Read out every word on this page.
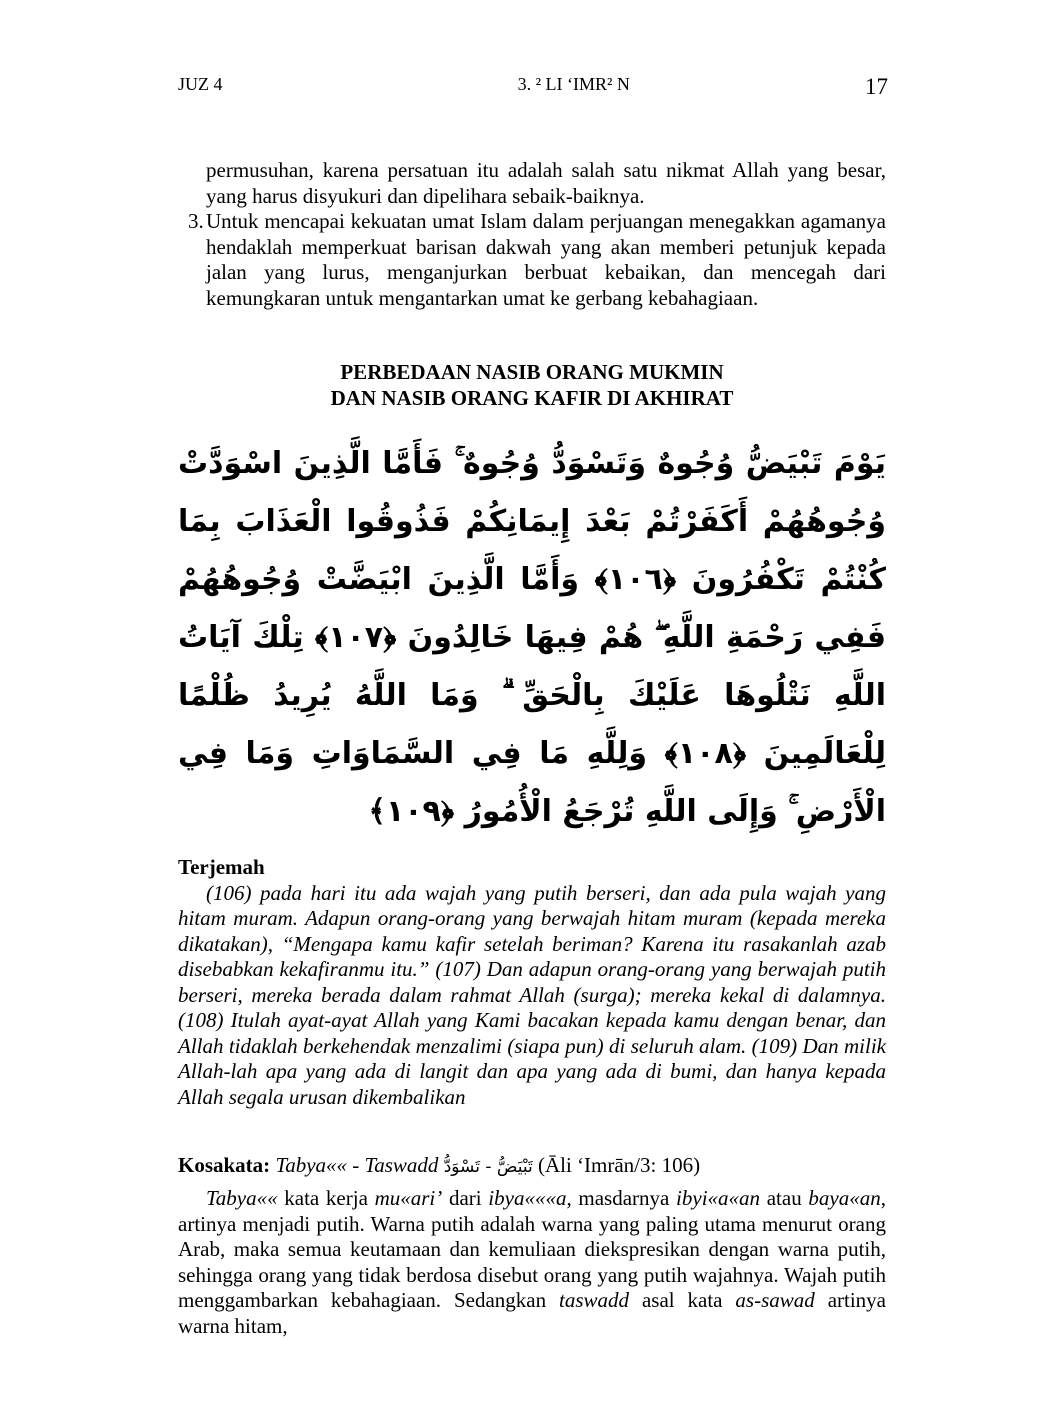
JUZ 4	3. ² LI ‘IMR² N	17
permusuhan, karena persatuan itu adalah salah satu nikmat Allah yang besar, yang harus disyukuri dan dipelihara sebaik-baiknya.
3. Untuk mencapai kekuatan umat Islam dalam perjuangan menegakkan agamanya hendaklah memperkuat barisan dakwah yang akan memberi petunjuk kepada jalan yang lurus, menganjurkan berbuat kebaikan, dan mencegah dari kemungkaran untuk mengantarkan umat ke gerbang kebahagiaan.
PERBEDAAN NASIB ORANG MUKMIN
DAN NASIB ORANG KAFIR DI AKHIRAT
يَوْمَ تَبْيَضُّ وُجُوهٌ وَتَسْوَدُّ وُجُوهٌ ۚ فَأَمَّا الَّذِينَ اسْوَدَّتْ وُجُوهُهُمْ أَكَفَرْتُمْ بَعْدَ إِيمَانِكُمْ فَذُوقُوا الْعَذَابَ بِمَا كُنْتُمْ تَكْفُرُونَ ﴿١٠٦﴾ وَأَمَّا الَّذِينَ ابْيَضَّتْ وُجُوهُهُمْ فَفِي رَحْمَةِ اللَّهِ ۖ هُمْ فِيهَا خَالِدُونَ ﴿١٠٧﴾ تِلْكَ آيَاتُ اللَّهِ نَتْلُوهَا عَلَيْكَ بِالْحَقِّ ۗ وَمَا اللَّهُ يُرِيدُ ظُلْمًا لِلْعَالَمِينَ ﴿١٠٨﴾ وَلِلَّهِ مَا فِي السَّمَاوَاتِ وَمَا فِي الْأَرْضِ ۚ وَإِلَى اللَّهِ تُرْجَعُ الْأُمُورُ ﴿١٠٩﴾
Terjemah
(106) pada hari itu ada wajah yang putih berseri, dan ada pula wajah yang hitam muram. Adapun orang-orang yang berwajah hitam muram (kepada mereka dikatakan), “Mengapa kamu kafir setelah beriman? Karena itu rasakanlah azab disebabkan kekafiranmu itu.” (107) Dan adapun orang-orang yang berwajah putih berseri, mereka berada dalam rahmat Allah (surga); mereka kekal di dalamnya. (108) Itulah ayat-ayat Allah yang Kami bacakan kepada kamu dengan benar, dan Allah tidaklah berkehendak menzalimi (siapa pun) di seluruh alam. (109) Dan milik Allah-lah apa yang ada di langit dan apa yang ada di bumi, dan hanya kepada Allah segala urusan dikembalikan
Kosakata: Tabya«« - Taswadd تَبْيَضُّ - تَسْوَدُّ (Āli ‘Imrān/3: 106)
Tabya«« kata kerja mu«ari’ dari ibya«««a, masdarnya ibyi«a«an atau baya«an, artinya menjadi putih. Warna putih adalah warna yang paling utama menurut orang Arab, maka semua keutamaan dan kemuliaan diekspresikan dengan warna putih, sehingga orang yang tidak berdosa disebut orang yang putih wajahnya. Wajah putih menggambarkan kebahagiaan. Sedangkan taswadd asal kata as-sawad artinya warna hitam,
